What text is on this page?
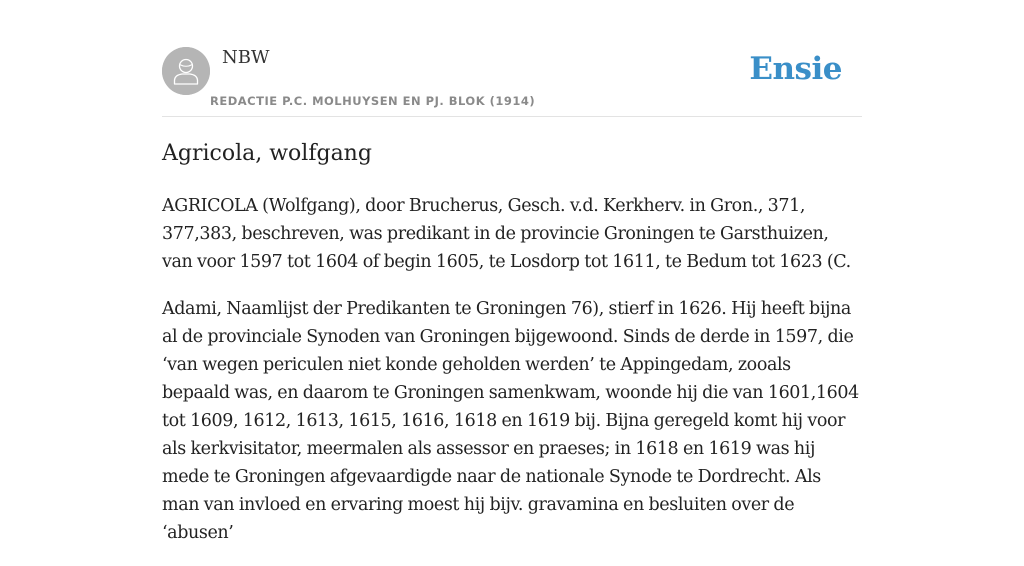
NBW
REDACTIE P.C. MOLHUYSEN EN PJ. BLOK (1914)
Ensie
Agricola, wolfgang

AGRICOLA (Wolfgang), door Brucherus, Gesch. v.d. Kerkherv. in Gron., 371, 377,383, beschreven, was predikant in de provincie Groningen te Garsthuizen, van voor 1597 tot 1604 of begin 1605, te Losdorp tot 1611, te Bedum tot 1623 (C.

Adami, Naamlijst der Predikanten te Groningen 76), stierf in 1626. Hij heeft bijna al de provinciale Synoden van Groningen bijgewoond. Sinds de derde in 1597, die ‘van wegen periculen niet konde geholden werden’ te Appingedam, zooals bepaald was, en daarom te Groningen samenkwam, woonde hij die van 1601,1604 tot 1609, 1612, 1613, 1615, 1616, 1618 en 1619 bij. Bijna geregeld komt hij voor als kerkvisitator, meermalen als assessor en praeses; in 1618 en 1619 was hij mede te Groningen afgevaardigde naar de nationale Synode te Dordrecht. Als man van invloed en ervaring moest hij bijv. gravamina en besluiten over de ‘abusen’
